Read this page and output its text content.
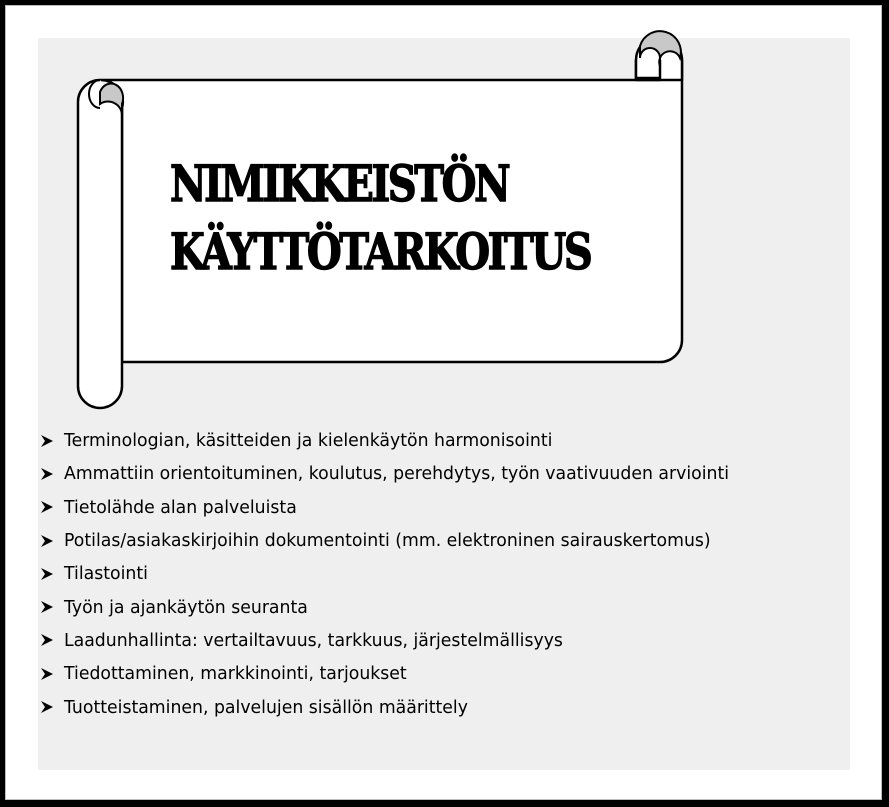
NIMIKKEISTÖN
KÄYTTÖTARKOITUS
Terminologian, käsitteiden ja kielenkäytön harmonisointi
Ammattiin orientoituminen, koulutus, perehdytys, työn vaativuuden arviointi
Tietolähde alan palveluista
Potilas/asiakaskirjoihin dokumentointi (mm. elektroninen sairauskertomus)
Tilastointi
Työn ja ajankäytön seuranta
Laadunhallinta: vertailtavuus, tarkkuus, järjestelmällisyys
Tiedottaminen, markkinointi, tarjoukset
Tuotteistaminen, palvelujen sisällön määrittely
